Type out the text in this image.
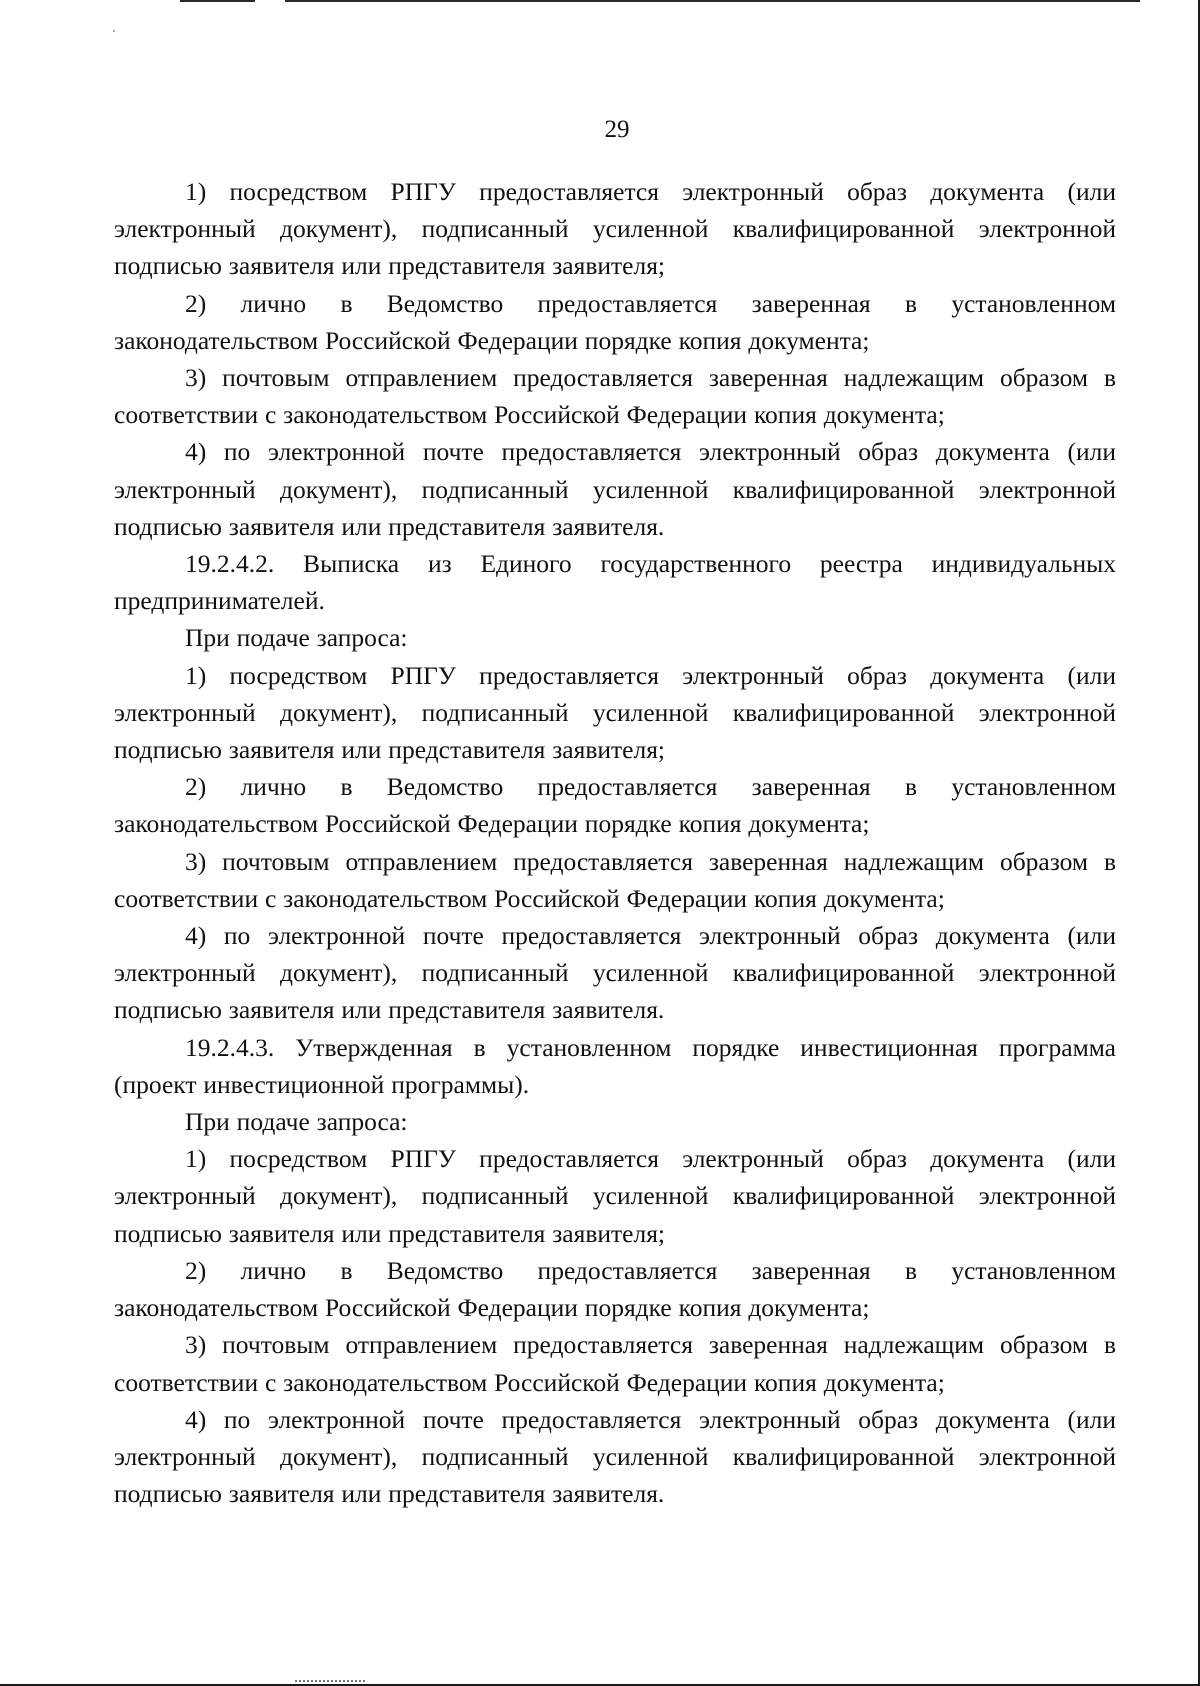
29

1) посредством РПГУ предоставляется электронный образ документа (или электронный документ), подписанный усиленной квалифицированной электронной подписью заявителя или представителя заявителя;

2) лично в Ведомство предоставляется заверенная в установленном законодательством Российской Федерации порядке копия документа;

3) почтовым отправлением предоставляется заверенная надлежащим образом в соответствии с законодательством Российской Федерации копия документа;

4) по электронной почте предоставляется электронный образ документа (или электронный документ), подписанный усиленной квалифицированной электронной подписью заявителя или представителя заявителя.

19.2.4.2. Выписка из Единого государственного реестра индивидуальных предпринимателей.

При подаче запроса:

1) посредством РПГУ предоставляется электронный образ документа (или электронный документ), подписанный усиленной квалифицированной электронной подписью заявителя или представителя заявителя;

2) лично в Ведомство предоставляется заверенная в установленном законодательством Российской Федерации порядке копия документа;

3) почтовым отправлением предоставляется заверенная надлежащим образом в соответствии с законодательством Российской Федерации копия документа;

4) по электронной почте предоставляется электронный образ документа (или электронный документ), подписанный усиленной квалифицированной электронной подписью заявителя или представителя заявителя.

19.2.4.3. Утвержденная в установленном порядке инвестиционная программа (проект инвестиционной программы).

При подаче запроса:

1) посредством РПГУ предоставляется электронный образ документа (или электронный документ), подписанный усиленной квалифицированной электронной подписью заявителя или представителя заявителя;

2) лично в Ведомство предоставляется заверенная в установленном законодательством Российской Федерации порядке копия документа;

3) почтовым отправлением предоставляется заверенная надлежащим образом в соответствии с законодательством Российской Федерации копия документа;

4) по электронной почте предоставляется электронный образ документа (или электронный документ), подписанный усиленной квалифицированной электронной подписью заявителя или представителя заявителя.
